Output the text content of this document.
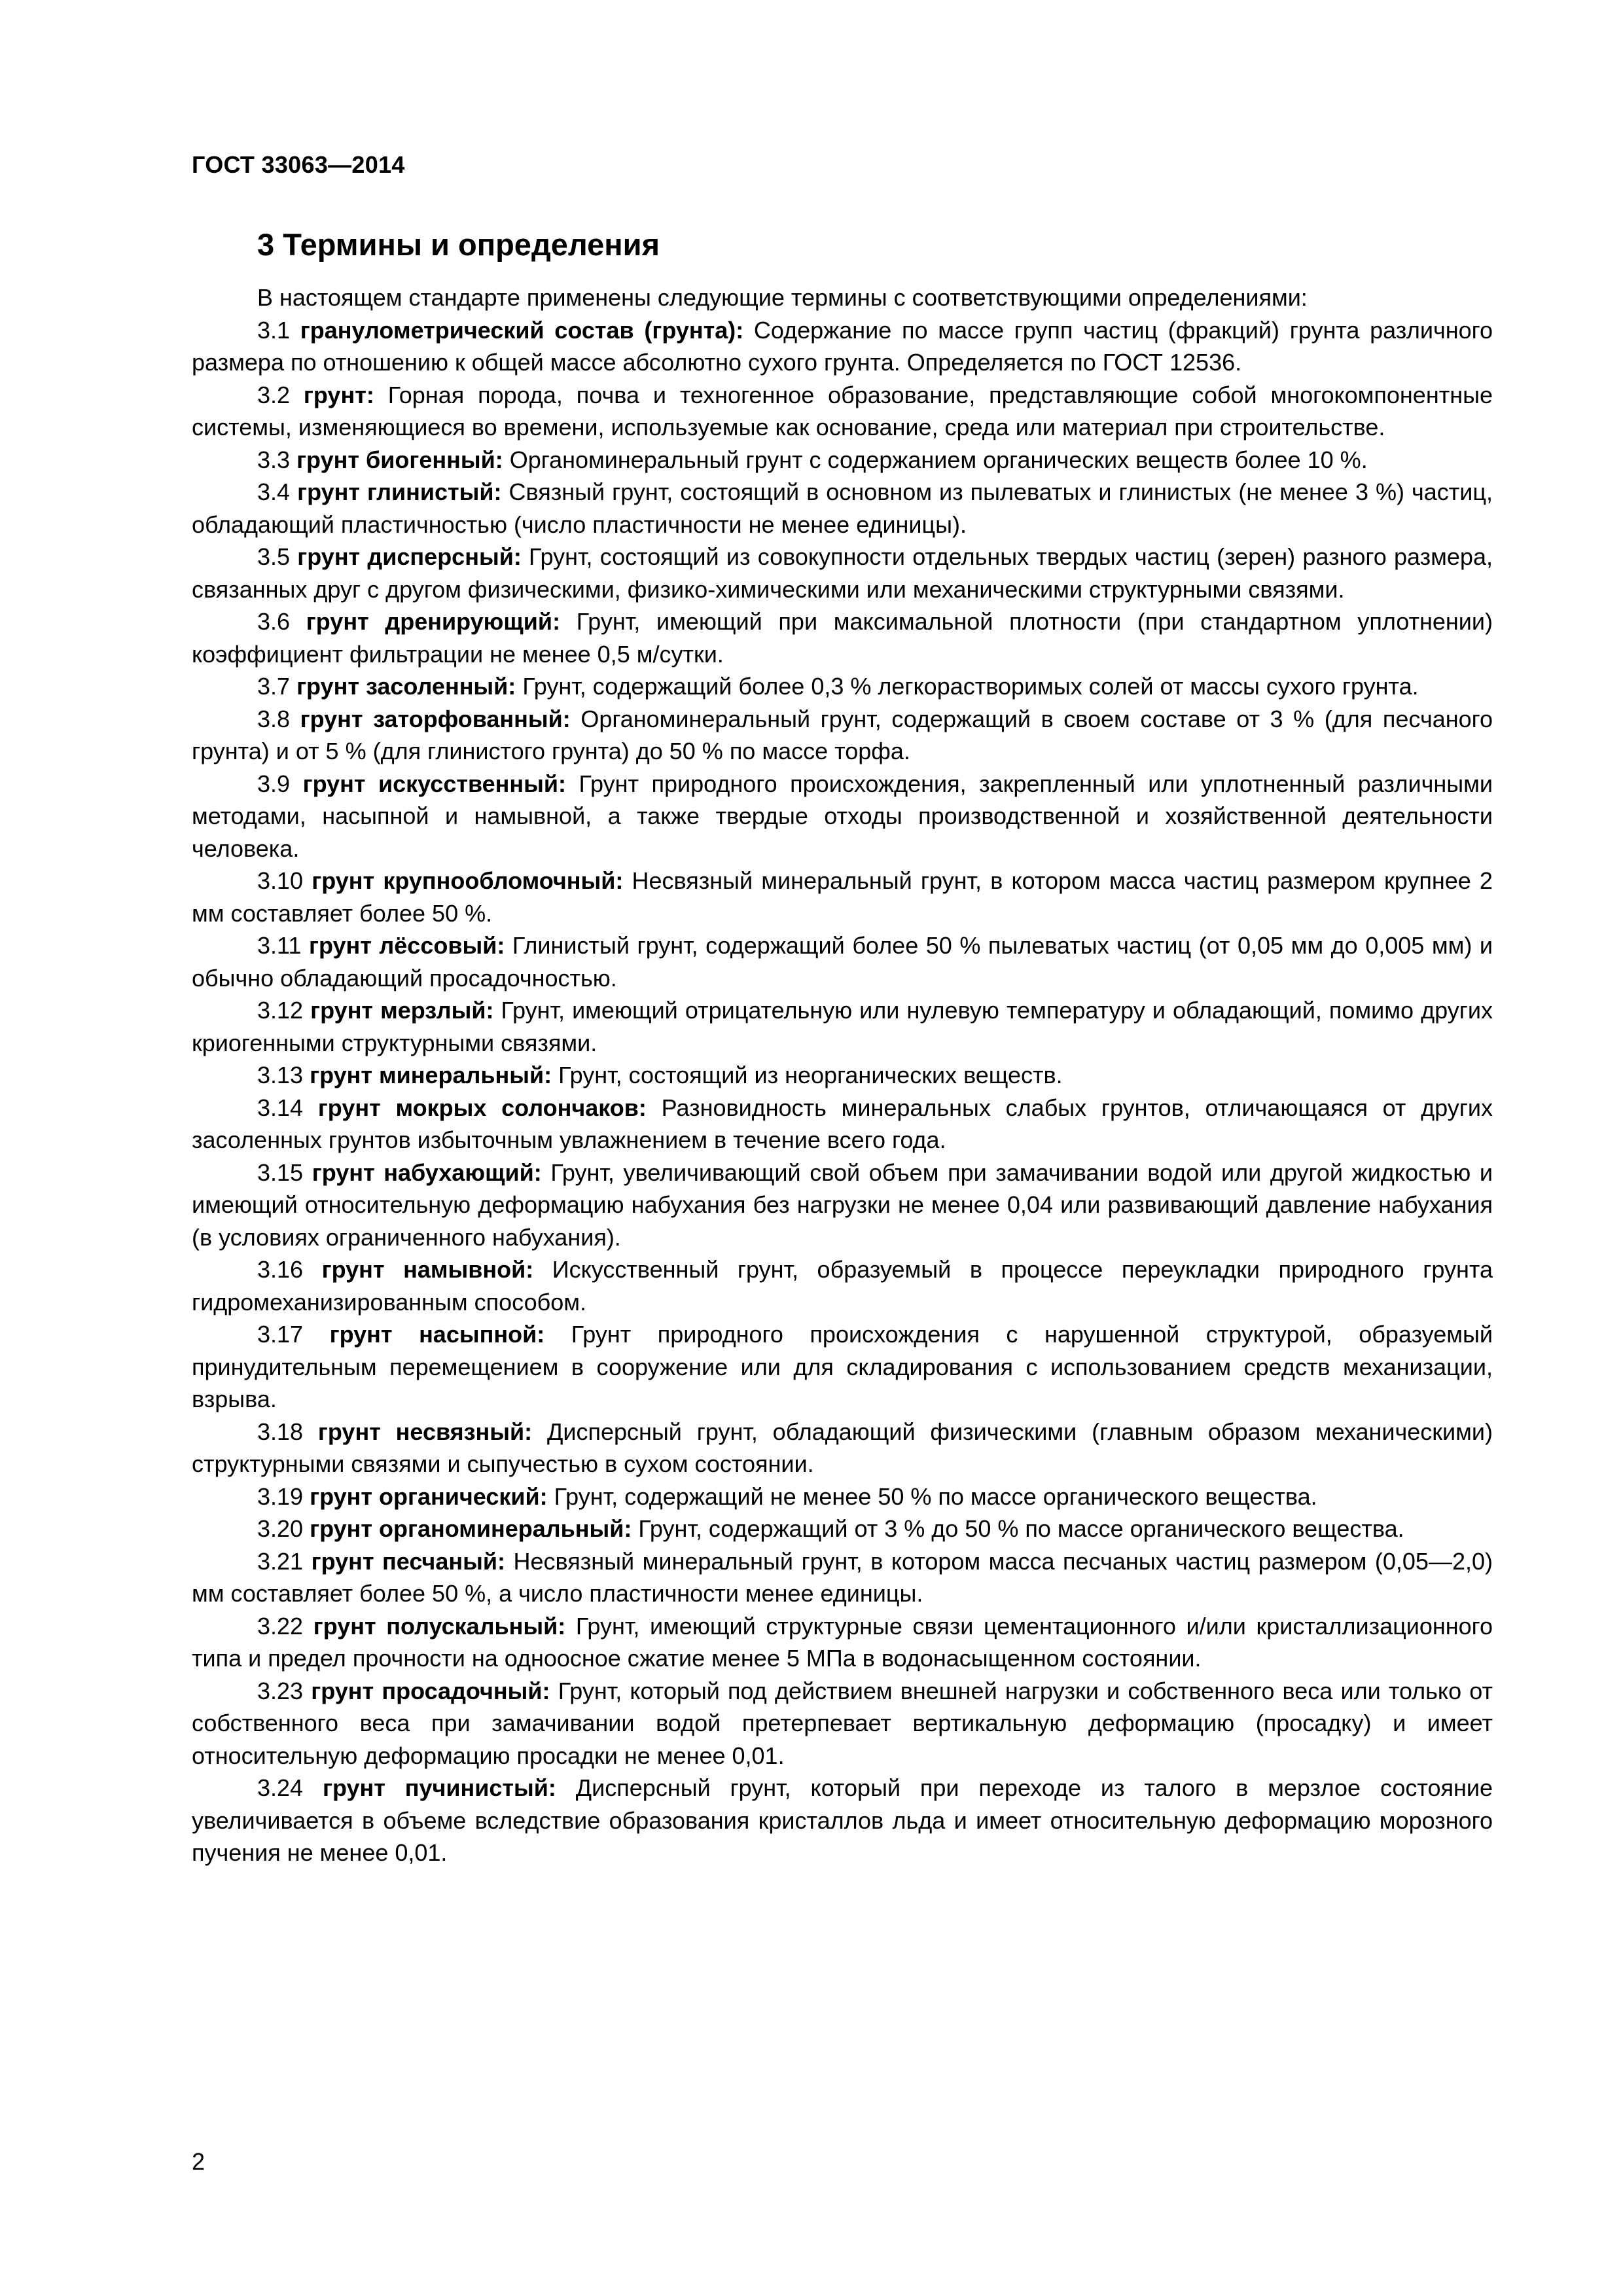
ГОСТ 33063—2014
3 Термины и определения

В настоящем стандарте применены следующие термины с соответствующими определениями:

3.1 гранулометрический состав (грунта): Содержание по массе групп частиц (фракций) грунта различного размера по отношению к общей массе абсолютно сухого грунта. Определяется по ГОСТ 12536.

3.2 грунт: Горная порода, почва и техногенное образование, представляющие собой многокомпонентные системы, изменяющиеся во времени, используемые как основание, среда или материал при строительстве.

3.3 грунт биогенный: Органоминеральный грунт с содержанием органических веществ более 10 %.

3.4 грунт глинистый: Связный грунт, состоящий в основном из пылеватых и глинистых (не менее 3 %) частиц, обладающий пластичностью (число пластичности не менее единицы).

3.5 грунт дисперсный: Грунт, состоящий из совокупности отдельных твердых частиц (зерен) разного размера, связанных друг с другом физическими, физико-химическими или механическими структурными связями.

3.6 грунт дренирующий: Грунт, имеющий при максимальной плотности (при стандартном уплотнении) коэффициент фильтрации не менее 0,5 м/сутки.

3.7 грунт засоленный: Грунт, содержащий более 0,3 % легкорастворимых солей от массы сухого грунта.

3.8 грунт заторфованный: Органоминеральный грунт, содержащий в своем составе от 3 % (для песчаного грунта) и от 5 % (для глинистого грунта) до 50 % по массе торфа.

3.9 грунт искусственный: Грунт природного происхождения, закрепленный или уплотненный различными методами, насыпной и намывной, а также твердые отходы производственной и хозяйственной деятельности человека.

3.10 грунт крупнообломочный: Несвязный минеральный грунт, в котором масса частиц размером крупнее 2 мм составляет более 50 %.

3.11 грунт лёссовый: Глинистый грунт, содержащий более 50 % пылеватых частиц (от 0,05 мм до 0,005 мм) и обычно обладающий просадочностью.

3.12 грунт мерзлый: Грунт, имеющий отрицательную или нулевую температуру и обладающий, помимо других криогенными структурными связями.

3.13 грунт минеральный: Грунт, состоящий из неорганических веществ.

3.14 грунт мокрых солончаков: Разновидность минеральных слабых грунтов, отличающаяся от других засоленных грунтов избыточным увлажнением в течение всего года.

3.15 грунт набухающий: Грунт, увеличивающий свой объем при замачивании водой или другой жидкостью и имеющий относительную деформацию набухания без нагрузки не менее 0,04 или развивающий давление набухания (в условиях ограниченного набухания).

3.16 грунт намывной: Искусственный грунт, образуемый в процессе переукладки природного грунта гидромеханизированным способом.

3.17 грунт насыпной: Грунт природного происхождения с нарушенной структурой, образуемый принудительным перемещением в сооружение или для складирования с использованием средств механизации, взрыва.

3.18 грунт несвязный: Дисперсный грунт, обладающий физическими (главным образом механическими) структурными связями и сыпучестью в сухом состоянии.

3.19 грунт органический: Грунт, содержащий не менее 50 % по массе органического вещества.

3.20 грунт органоминеральный: Грунт, содержащий от 3 % до 50 % по массе органического вещества.

3.21 грунт песчаный: Несвязный минеральный грунт, в котором масса песчаных частиц размером (0,05—2,0) мм составляет более 50 %, а число пластичности менее единицы.

3.22 грунт полускальный: Грунт, имеющий структурные связи цементационного и/или кристаллизационного типа и предел прочности на одноосное сжатие менее 5 МПа в водонасыщенном состоянии.

3.23 грунт просадочный: Грунт, который под действием внешней нагрузки и собственного веса или только от собственного веса при замачивании водой претерпевает вертикальную деформацию (просадку) и имеет относительную деформацию просадки не менее 0,01.

3.24 грунт пучинистый: Дисперсный грунт, который при переходе из талого в мерзлое состояние увеличивается в объеме вследствие образования кристаллов льда и имеет относительную деформацию морозного пучения не менее 0,01.

2
